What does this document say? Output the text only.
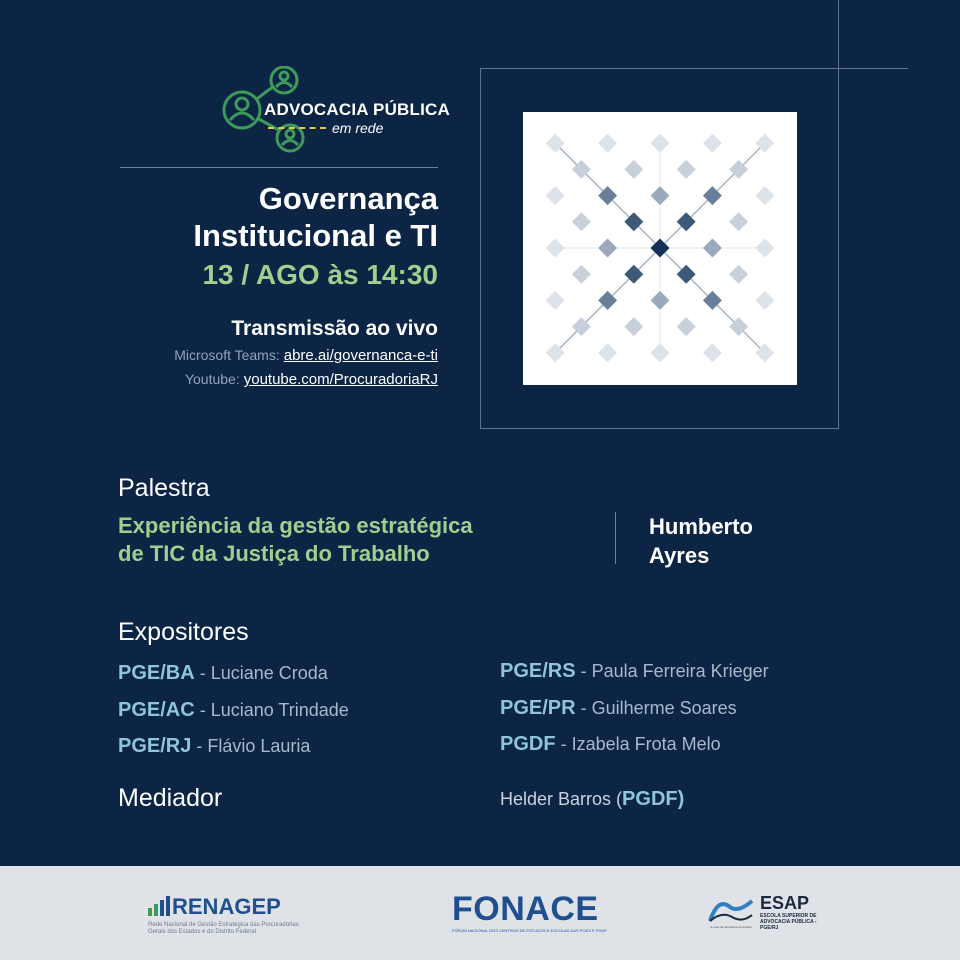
ADVOCACIA PÚBLICA
em rede
Governança
Institucional e TI
13 / AGO às 14:30
Transmissão ao vivo
Microsoft Teams: abre.ai/governanca-e-ti
Youtube: youtube.com/ProcuradoriaRJ
Palestra
Experiência da gestão estratégica
de TIC da Justiça do Trabalho
Humberto
Ayres
Expositores
PGE/BA - Luciane Croda
PGE/AC - Luciano Trindade
PGE/RJ - Flávio Lauria
PGE/RS - Paula Ferreira Krieger
PGE/PR - Guilherme Soares
PGDF - Izabela Frota Melo
Mediador	Helder Barros (PGDF)
RENAGEP
Rede Nacional de Gestão Estratégica das Procuradorias Gerais dos Estados e do Distrito Federal
FONACE
FÓRUM NACIONAL DOS CENTROS DE ESTUDOS E ESCOLAS DAS PGES E PGDF
ESAP
ESCOLA SUPERIOR DE ADVOCACIA PÚBLICA - PGE/RJ
A casa da advocacia do Estado
